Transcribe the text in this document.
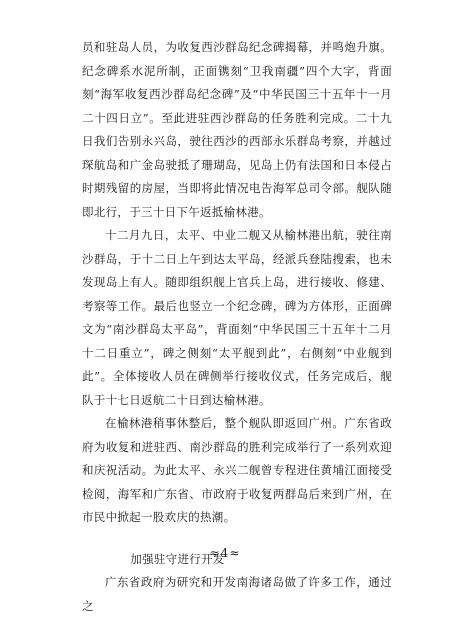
员和驻岛人员，为收复西沙群岛纪念碑揭幕，并鸣炮升旗。纪念碑系水泥所制，正面镌刻“卫我南疆”四个大字，背面刻“海军收复西沙群岛纪念碑”及“中华民国三十五年十一月二十四日立”。至此进驻西沙群岛的任务胜利完成。二十九日我们告别永兴岛，驶往西沙的西部永乐群岛考察，并越过琛航岛和广金岛驶抵了珊瑚岛，见岛上仍有法国和日本侵占时期残留的房屋，当即将此情况电告海军总司令部。舰队随即北行，于三十日下午返抵榆林港。

十二月九日，太平、中业二舰又从榆林港出航，驶往南沙群岛，于十二日上午到达太平岛，经派兵登陆搜索，也未发现岛上有人。随即组织舰上官兵上岛，进行接收、修建、考察等工作。最后也竖立一个纪念碑，碑为方体形，正面碑文为“南沙群岛太平岛”，背面刻“中华民国三十五年十二月十二日重立”，碑之侧刻“太平舰到此”，右侧刻“中业舰到此”。全体接收人员在碑侧举行接收仪式，任务完成后，舰队于十七日返航二十日到达榆林港。

在榆林港稍事休整后，整个舰队即返回广州。广东省政府为收复和进驻西、南沙群岛的胜利完成举行了一系列欢迎和庆祝活动。为此太平、永兴二舰曾专程进住黄埔江面接受检阅，海军和广东省、市政府于收复两群岛后来到广州，在市民中掀起一股欢庆的热潮。

加强驻守进行开发

广东省政府为研究和开发南海诸岛做了许多工作，通过之

≈4≈
